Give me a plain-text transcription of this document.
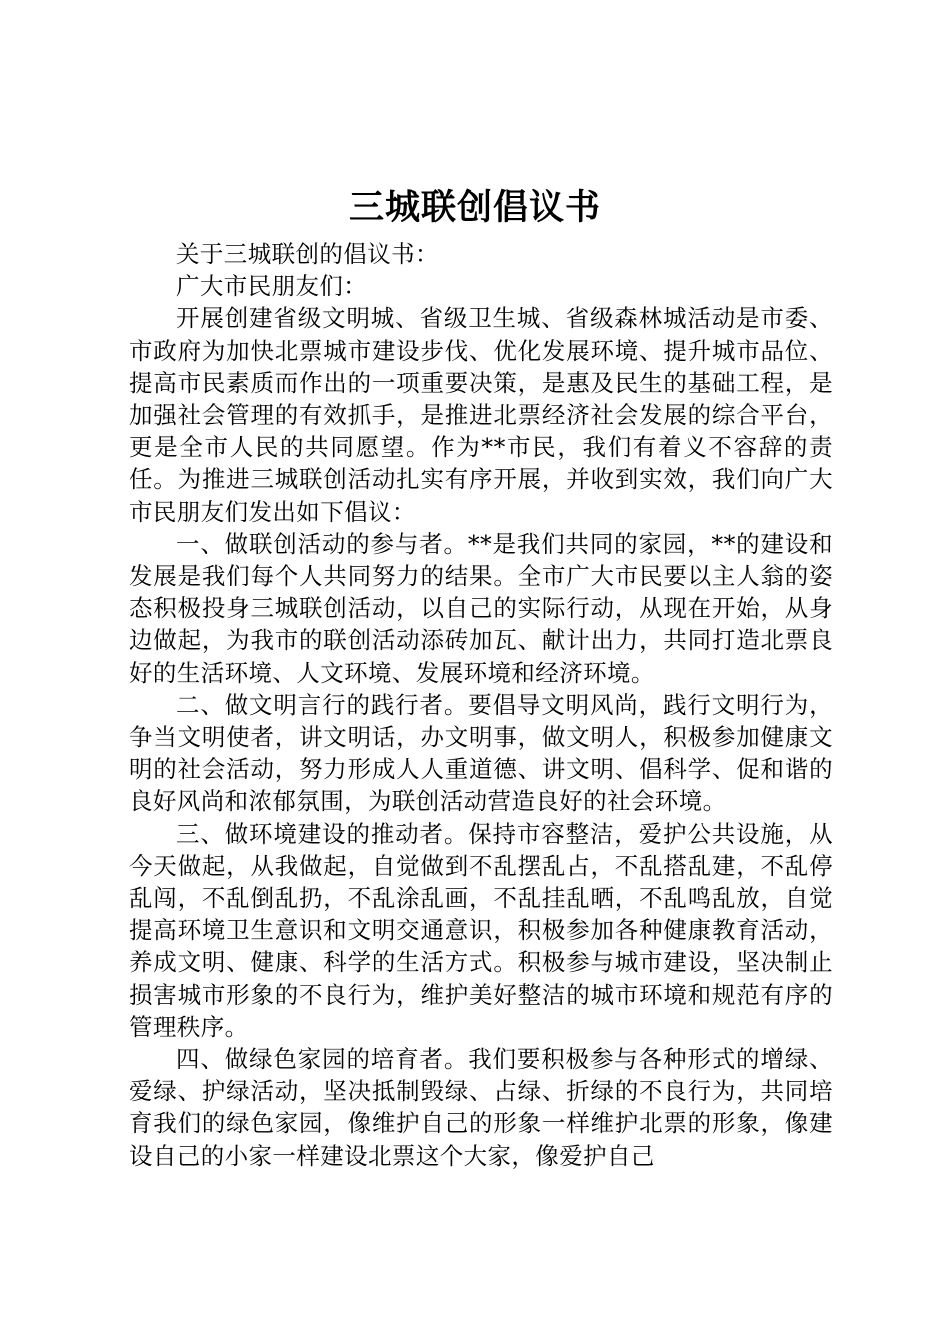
三城联创倡议书

关于三城联创的倡议书：

广大市民朋友们：

开展创建省级文明城、省级卫生城、省级森林城活动是市委、市政府为加快北票城市建设步伐、优化发展环境、提升城市品位、提高市民素质而作出的一项重要决策，是惠及民生的基础工程，是加强社会管理的有效抓手，是推进北票经济社会发展的综合平台，更是全市人民的共同愿望。作为**市民，我们有着义不容辞的责任。为推进三城联创活动扎实有序开展，并收到实效，我们向广大市民朋友们发出如下倡议：

一、做联创活动的参与者。**是我们共同的家园，**的建设和发展是我们每个人共同努力的结果。全市广大市民要以主人翁的姿态积极投身三城联创活动，以自己的实际行动，从现在开始，从身边做起，为我市的联创活动添砖加瓦、献计出力，共同打造北票良好的生活环境、人文环境、发展环境和经济环境。

二、做文明言行的践行者。要倡导文明风尚，践行文明行为，争当文明使者，讲文明话，办文明事，做文明人，积极参加健康文明的社会活动，努力形成人人重道德、讲文明、倡科学、促和谐的良好风尚和浓郁氛围，为联创活动营造良好的社会环境。

三、做环境建设的推动者。保持市容整洁，爱护公共设施，从今天做起，从我做起，自觉做到不乱摆乱占，不乱搭乱建，不乱停乱闯，不乱倒乱扔，不乱涂乱画，不乱挂乱晒，不乱鸣乱放，自觉提高环境卫生意识和文明交通意识，积极参加各种健康教育活动，养成文明、健康、科学的生活方式。积极参与城市建设，坚决制止损害城市形象的不良行为，维护美好整洁的城市环境和规范有序的管理秩序。

四、做绿色家园的培育者。我们要积极参与各种形式的增绿、爱绿、护绿活动，坚决抵制毁绿、占绿、折绿的不良行为，共同培育我们的绿色家园，像维护自己的形象一样维护北票的形象，像建设自己的小家一样建设北票这个大家，像爱护自己
